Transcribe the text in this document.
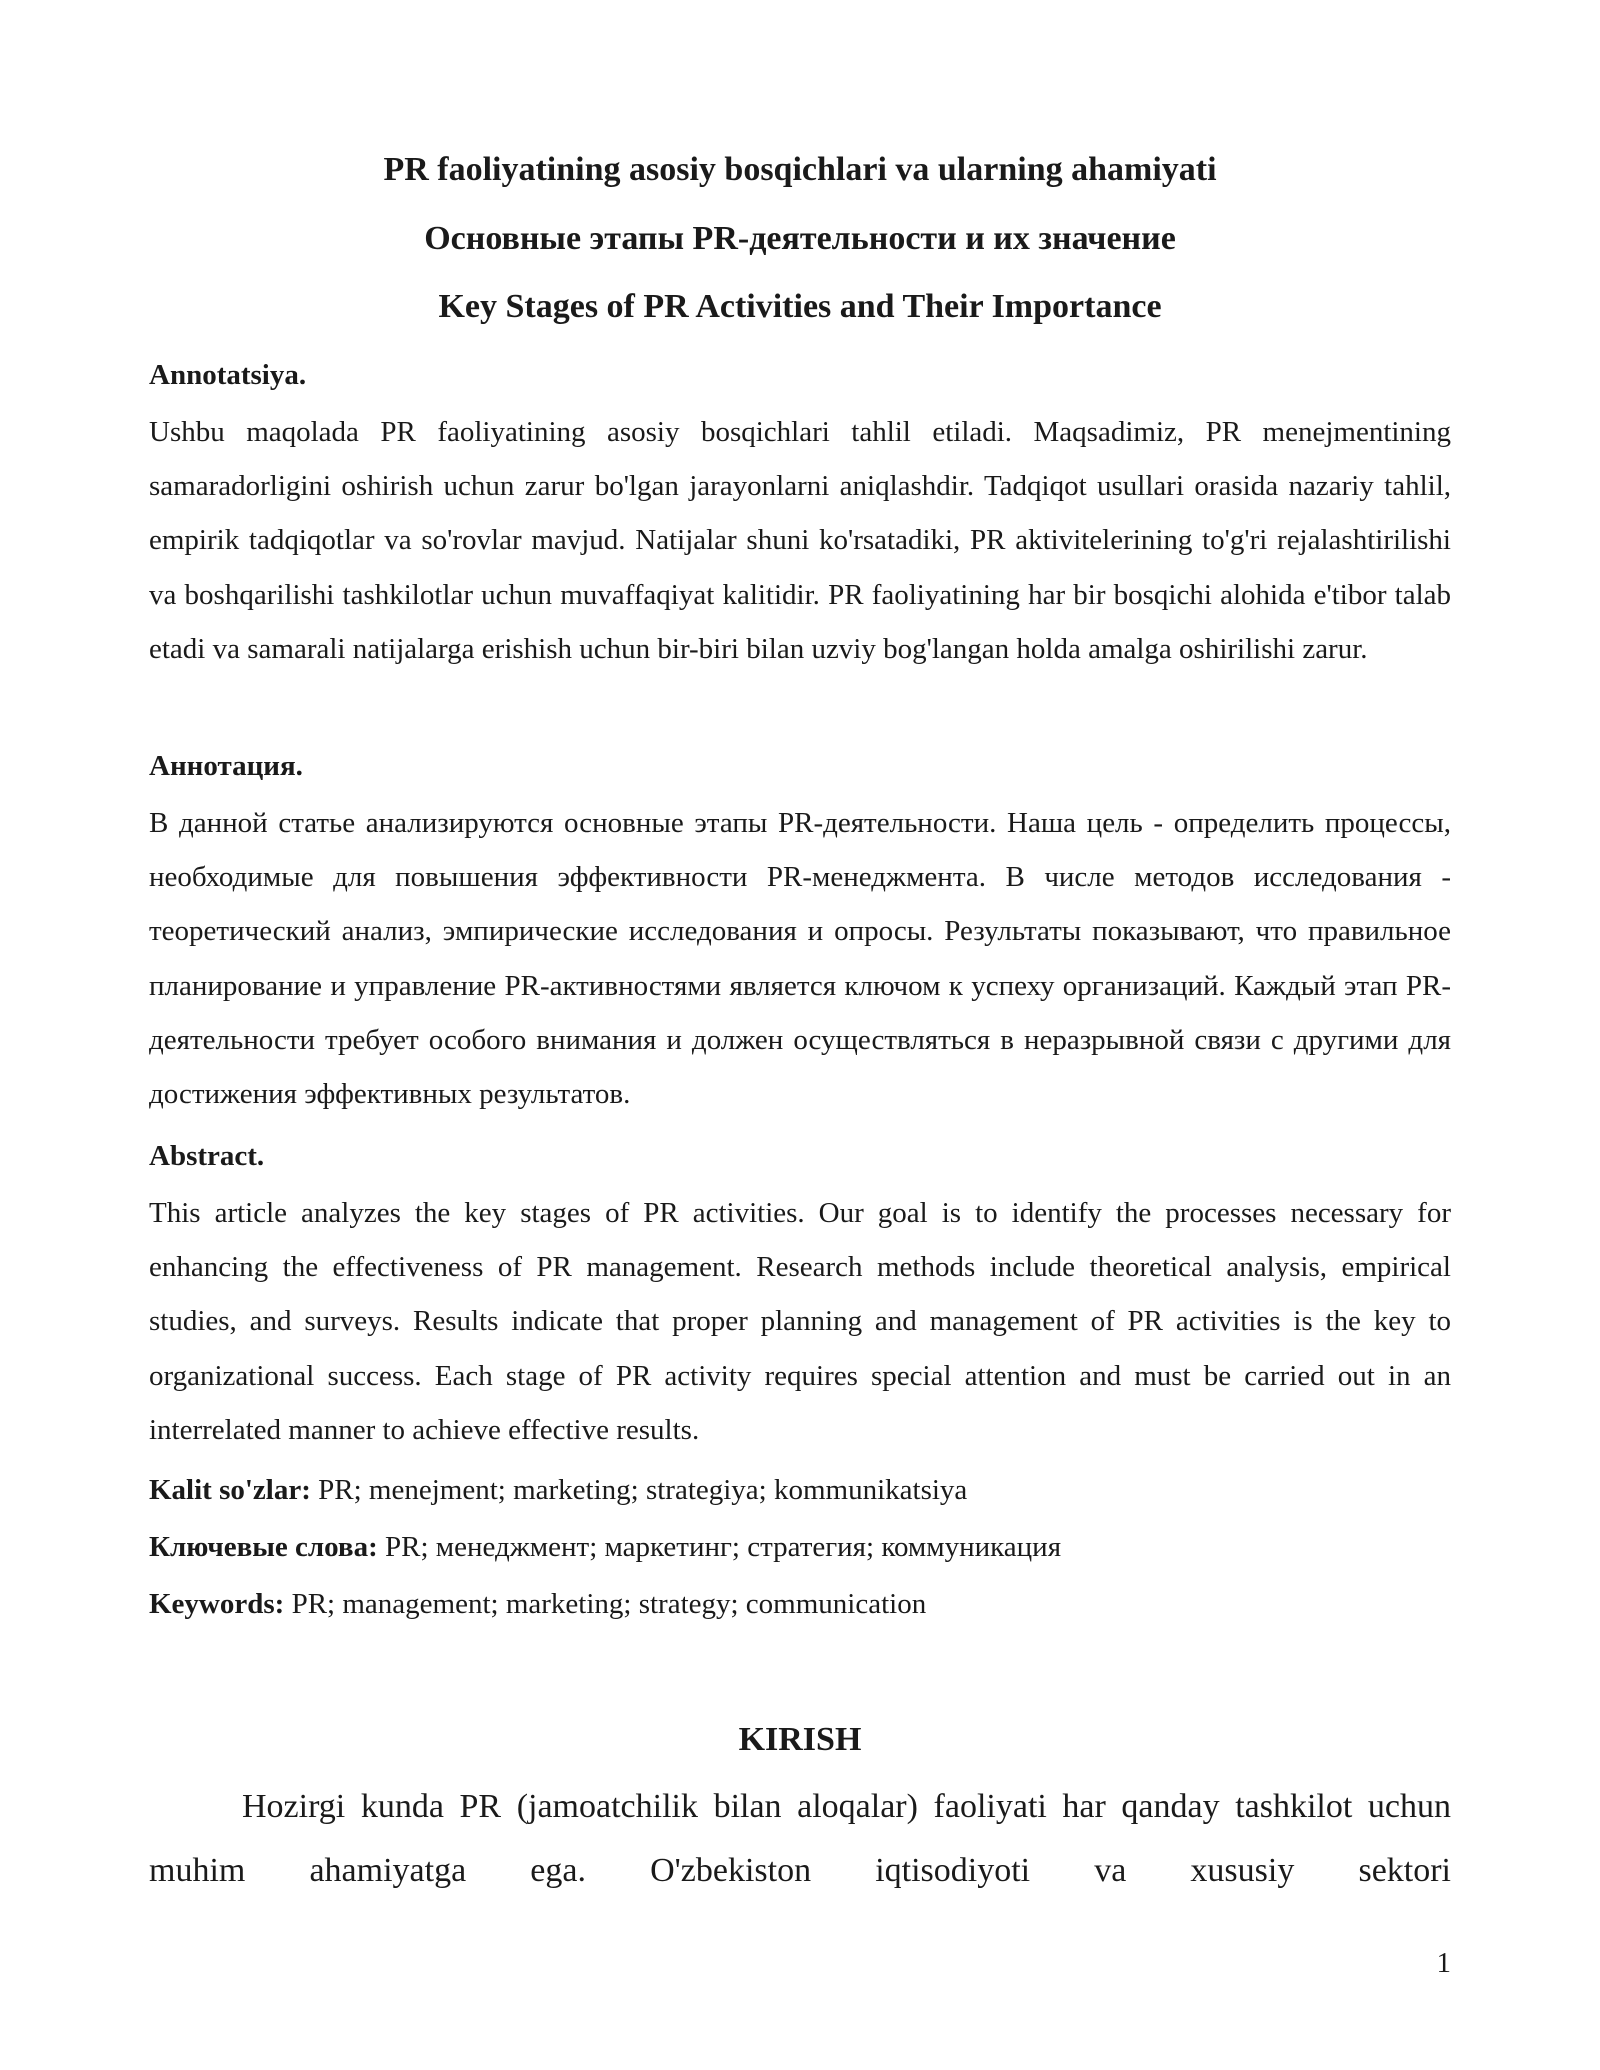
PR faoliyatining asosiy bosqichlari va ularning ahamiyati
Основные этапы PR-деятельности и их значение
Key Stages of PR Activities and Their Importance

Annotatsiya.

Ushbu maqolada PR faoliyatining asosiy bosqichlari tahlil etiladi. Maqsadimiz, PR menejmentining samaradorligini oshirish uchun zarur bo'lgan jarayonlarni aniqlashdir. Tadqiqot usullari orasida nazariy tahlil, empirik tadqiqotlar va so'rovlar mavjud. Natijalar shuni ko'rsatadiki, PR aktivitelerining to'g'ri rejalashtirilishi va boshqarilishi tashkilotlar uchun muvaffaqiyat kalitidir. PR faoliyatining har bir bosqichi alohida e'tibor talab etadi va samarali natijalarga erishish uchun bir-biri bilan uzviy bog'langan holda amalga oshirilishi zarur.

Аннотация.

В данной статье анализируются основные этапы PR-деятельности. Наша цель - определить процессы, необходимые для повышения эффективности PR-менеджмента. В числе методов исследования - теоретический анализ, эмпирические исследования и опросы. Результаты показывают, что правильное планирование и управление PR-активностями является ключом к успеху организаций. Каждый этап PR-деятельности требует особого внимания и должен осуществляться в неразрывной связи с другими для достижения эффективных результатов.

Abstract.

This article analyzes the key stages of PR activities. Our goal is to identify the processes necessary for enhancing the effectiveness of PR management. Research methods include theoretical analysis, empirical studies, and surveys. Results indicate that proper planning and management of PR activities is the key to organizational success. Each stage of PR activity requires special attention and must be carried out in an interrelated manner to achieve effective results.

Kalit so'zlar: PR; menejment; marketing; strategiya; kommunikatsiya

Ключевые слова: PR; менеджмент; маркетинг; стратегия; коммуникация

Keywords: PR; management; marketing; strategy; communication

KIRISH

Hozirgi kunda PR (jamoatchilik bilan aloqalar) faoliyati har qanday tashkilot uchun muhim ahamiyatga ega. O'zbekiston iqtisodiyoti va xususiy sektori

1
